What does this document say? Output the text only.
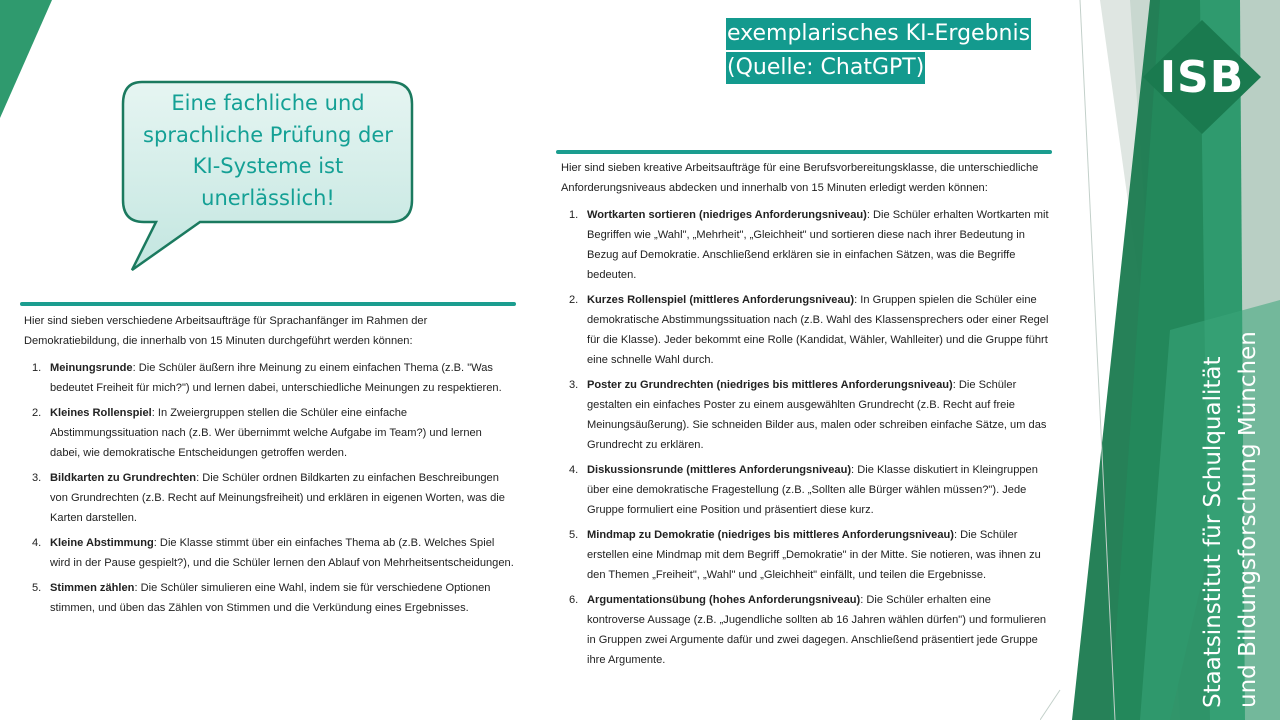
ISB
Staatsinstitut für Schulqualität und Bildungsforschung München
Eine fachliche und
sprachliche Prüfung der
KI-Systeme ist
unerlässlich!
exemplarisches KI-Ergebnis
(Quelle: ChatGPT)

Hier sind sieben verschiedene Arbeitsaufträge für Sprachanfänger im Rahmen der Demokratiebildung, die innerhalb von 15 Minuten durchgeführt werden können:

1. Meinungsrunde: Die Schüler äußern ihre Meinung zu einem einfachen Thema (z.B. "Was bedeutet Freiheit für mich?") und lernen dabei, unterschiedliche Meinungen zu respektieren.
2. Kleines Rollenspiel: In Zweiergruppen stellen die Schüler eine einfache Abstimmungssituation nach (z.B. Wer übernimmt welche Aufgabe im Team?) und lernen dabei, wie demokratische Entscheidungen getroffen werden.
3. Bildkarten zu Grundrechten: Die Schüler ordnen Bildkarten zu einfachen Beschreibungen von Grundrechten (z.B. Recht auf Meinungsfreiheit) und erklären in eigenen Worten, was die Karten darstellen.
4. Kleine Abstimmung: Die Klasse stimmt über ein einfaches Thema ab (z.B. Welches Spiel wird in der Pause gespielt?), und die Schüler lernen den Ablauf von Mehrheitsentscheidungen.
5. Stimmen zählen: Die Schüler simulieren eine Wahl, indem sie für verschiedene Optionen stimmen, und üben das Zählen von Stimmen und die Verkündung eines Ergebnisses.

Hier sind sieben kreative Arbeitsaufträge für eine Berufsvorbereitungsklasse, die unterschiedliche Anforderungsniveaus abdecken und innerhalb von 15 Minuten erledigt werden können:

1. Wortkarten sortieren (niedriges Anforderungsniveau): Die Schüler erhalten Wortkarten mit Begriffen wie „Wahl", „Mehrheit", „Gleichheit" und sortieren diese nach ihrer Bedeutung in Bezug auf Demokratie. Anschließend erklären sie in einfachen Sätzen, was die Begriffe bedeuten.
2. Kurzes Rollenspiel (mittleres Anforderungsniveau): In Gruppen spielen die Schüler eine demokratische Abstimmungssituation nach (z.B. Wahl des Klassensprechers oder einer Regel für die Klasse). Jeder bekommt eine Rolle (Kandidat, Wähler, Wahlleiter) und die Gruppe führt eine schnelle Wahl durch.
3. Poster zu Grundrechten (niedriges bis mittleres Anforderungsniveau): Die Schüler gestalten ein einfaches Poster zu einem ausgewählten Grundrecht (z.B. Recht auf freie Meinungsäußerung). Sie schneiden Bilder aus, malen oder schreiben einfache Sätze, um das Grundrecht zu erklären.
4. Diskussionsrunde (mittleres Anforderungsniveau): Die Klasse diskutiert in Kleingruppen über eine demokratische Fragestellung (z.B. „Sollten alle Bürger wählen müssen?"). Jede Gruppe formuliert eine Position und präsentiert diese kurz.
5. Mindmap zu Demokratie (niedriges bis mittleres Anforderungsniveau): Die Schüler erstellen eine Mindmap mit dem Begriff „Demokratie" in der Mitte. Sie notieren, was ihnen zu den Themen „Freiheit", „Wahl" und „Gleichheit" einfällt, und teilen die Ergebnisse.
6. Argumentationsübung (hohes Anforderungsniveau): Die Schüler erhalten eine kontroverse Aussage (z.B. „Jugendliche sollten ab 16 Jahren wählen dürfen") und formulieren in Gruppen zwei Argumente dafür und zwei dagegen. Anschließend präsentiert jede Gruppe ihre Argumente.
